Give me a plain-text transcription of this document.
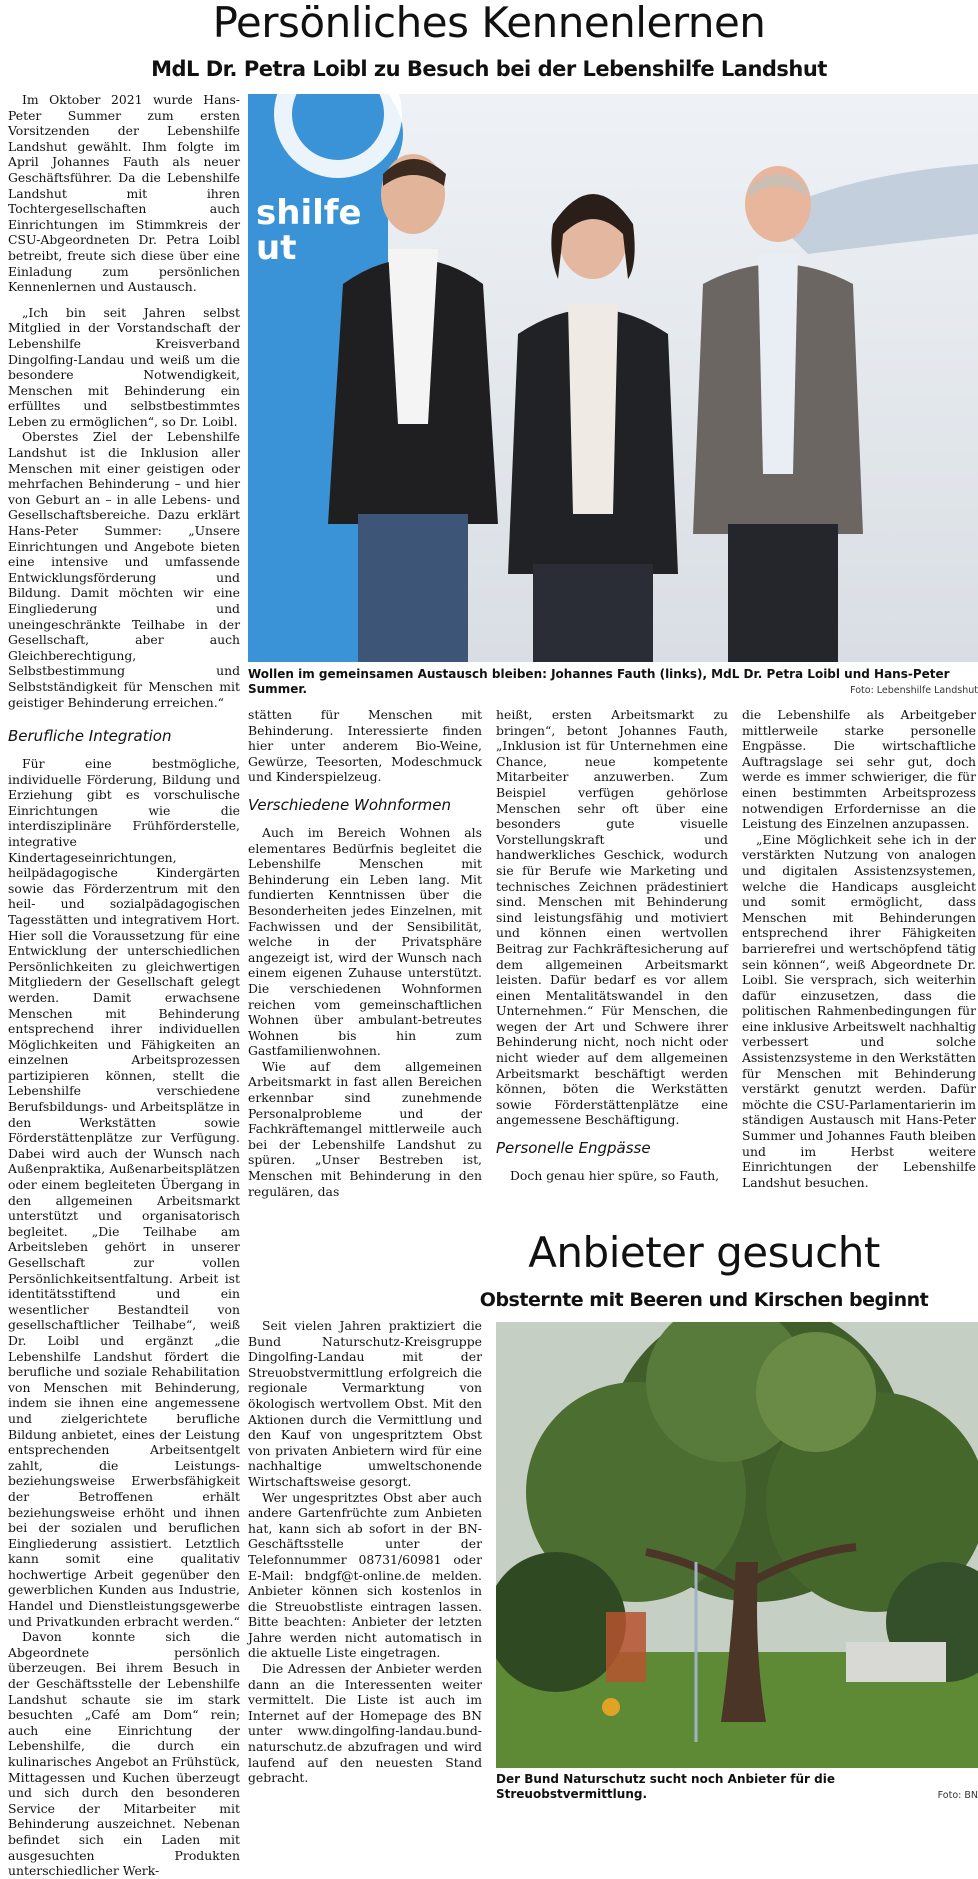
Persönliches Kennenlernen
MdL Dr. Petra Loibl zu Besuch bei der Lebenshilfe Landshut

Im Oktober 2021 wurde Hans-Peter Summer zum ersten Vorsitzenden der Lebenshilfe Landshut gewählt. Ihm folgte im April Johannes Fauth als neuer Geschäftsführer. Da die Lebenshilfe Landshut mit ihren Tochtergesellschaften auch Einrichtungen im Stimmkreis der CSU-Abgeordneten Dr. Petra Loibl betreibt, freute sich diese über eine Einladung zum persönlichen Kennenlernen und Austausch.

„Ich bin seit Jahren selbst Mitglied in der Vorstandschaft der Lebenshilfe Kreisverband Dingolfing-Landau und weiß um die besondere Notwendigkeit, Menschen mit Behinderung ein erfülltes und selbstbestimmtes Leben zu ermöglichen“, so Dr. Loibl.

Oberstes Ziel der Lebenshilfe Landshut ist die Inklusion aller Menschen mit einer geistigen oder mehrfachen Behinderung – und hier von Geburt an – in alle Lebens- und Gesellschaftsbereiche. Dazu erklärt Hans-Peter Summer: „Unsere Einrichtungen und Angebote bieten eine intensive und umfassende Entwicklungsförderung und Bildung. Damit möchten wir eine Eingliederung und uneingeschränkte Teilhabe in der Gesellschaft, aber auch Gleichberechtigung, Selbstbestimmung und Selbstständigkeit für Menschen mit geistiger Behinderung erreichen.“

shilfe
ut
Wollen im gemeinsamen Austausch bleiben: Johannes Fauth (links), MdL Dr. Petra Loibl und Hans-Peter Summer.	Foto: Lebenshilfe Landshut
Berufliche Integration

Für eine bestmögliche, individuelle Förderung, Bildung und Erziehung gibt es vorschulische Einrichtungen wie die interdisziplinäre Frühförderstelle, integrative Kindertageseinrichtungen, heilpädagogische Kindergärten sowie das Förderzentrum mit den heil- und sozialpädagogischen Tagesstätten und integrativem Hort. Hier soll die Voraussetzung für eine Entwicklung der unterschiedlichen Persönlichkeiten zu gleichwertigen Mitgliedern der Gesellschaft gelegt werden. Damit erwachsene Menschen mit Behinderung entsprechend ihrer individuellen Möglichkeiten und Fähigkeiten an einzelnen Arbeitsprozessen partizipieren können, stellt die Lebenshilfe verschiedene Berufsbildungs- und Arbeitsplätze in den Werkstätten sowie Förderstättenplätze zur Verfügung. Dabei wird auch der Wunsch nach Außenpraktika, Außenarbeitsplätzen oder einem begleiteten Übergang in den allgemeinen Arbeitsmarkt unterstützt und organisatorisch begleitet. „Die Teilhabe am Arbeitsleben gehört in unserer Gesellschaft zur vollen Persönlichkeitsentfaltung. Arbeit ist identitätsstiftend und ein wesentlicher Bestandteil von gesellschaftlicher Teilhabe“, weiß Dr. Loibl und ergänzt „die Lebenshilfe Landshut fördert die berufliche und soziale Rehabilitation von Menschen mit Behinderung, indem sie ihnen eine angemessene und zielgerichtete berufliche Bildung anbietet, eines der Leistung entsprechenden Arbeitsentgelt zahlt, die Leistungs- beziehungsweise Erwerbsfähigkeit der Betroffenen erhält beziehungsweise erhöht und ihnen bei der sozialen und beruflichen Eingliederung assistiert. Letztlich kann somit eine qualitativ hochwertige Arbeit gegenüber den gewerblichen Kunden aus Industrie, Handel und Dienstleistungsgewerbe und Privatkunden erbracht werden.“

Davon konnte sich die Abgeordnete persönlich überzeugen. Bei ihrem Besuch in der Geschäftsstelle der Lebenshilfe Landshut schaute sie im stark besuchten „Café am Dom“ rein; auch eine Einrichtung der Lebenshilfe, die durch ein kulinarisches Angebot an Frühstück, Mittagessen und Kuchen überzeugt und sich durch den besonderen Service der Mitarbeiter mit Behinderung auszeichnet. Nebenan befindet sich ein Laden mit ausgesuchten Produkten unterschiedlicher Werk-

stätten für Menschen mit Behinderung. Interessierte finden hier unter anderem Bio-Weine, Gewürze, Teesorten, Modeschmuck und Kinderspielzeug.

Verschiedene Wohnformen

Auch im Bereich Wohnen als elementares Bedürfnis begleitet die Lebenshilfe Menschen mit Behinderung ein Leben lang. Mit fundierten Kenntnissen über die Besonderheiten jedes Einzelnen, mit Fachwissen und der Sensibilität, welche in der Privatsphäre angezeigt ist, wird der Wunsch nach einem eigenen Zuhause unterstützt. Die verschiedenen Wohnformen reichen vom gemeinschaftlichen Wohnen über ambulant-betreutes Wohnen bis hin zum Gastfamilienwohnen.

Wie auf dem allgemeinen Arbeitsmarkt in fast allen Bereichen erkennbar sind zunehmende Personalprobleme und der Fachkräftemangel mittlerweile auch bei der Lebenshilfe Landshut zu spüren. „Unser Bestreben ist, Menschen mit Behinderung in den regulären, das

heißt, ersten Arbeitsmarkt zu bringen“, betont Johannes Fauth, „Inklusion ist für Unternehmen eine Chance, neue kompetente Mitarbeiter anzuwerben. Zum Beispiel verfügen gehörlose Menschen sehr oft über eine besonders gute visuelle Vorstellungskraft und handwerkliches Geschick, wodurch sie für Berufe wie Marketing und technisches Zeichnen prädestiniert sind. Menschen mit Behinderung sind leistungsfähig und motiviert und können einen wertvollen Beitrag zur Fachkräftesicherung auf dem allgemeinen Arbeitsmarkt leisten. Dafür bedarf es vor allem einen Mentalitätswandel in den Unternehmen.“ Für Menschen, die wegen der Art und Schwere ihrer Behinderung nicht, noch nicht oder nicht wieder auf dem allgemeinen Arbeitsmarkt beschäftigt werden können, böten die Werkstätten sowie Förderstättenplätze eine angemessene Beschäftigung.

Personelle Engpässe

Doch genau hier spüre, so Fauth,

die Lebenshilfe als Arbeitgeber mittlerweile starke personelle Engpässe. Die wirtschaftliche Auftragslage sei sehr gut, doch werde es immer schwieriger, die für einen bestimmten Arbeitsprozess notwendigen Erfordernisse an die Leistung des Einzelnen anzupassen.

„Eine Möglichkeit sehe ich in der verstärkten Nutzung von analogen und digitalen Assistenzsystemen, welche die Handicaps ausgleicht und somit ermöglicht, dass Menschen mit Behinderungen entsprechend ihrer Fähigkeiten barrierefrei und wertschöpfend tätig sein können“, weiß Abgeordnete Dr. Loibl. Sie versprach, sich weiterhin dafür einzusetzen, dass die politischen Rahmenbedingungen für eine inklusive Arbeitswelt nachhaltig verbessert und solche Assistenzsysteme in den Werkstätten für Menschen mit Behinderung verstärkt genutzt werden. Dafür möchte die CSU-Parlamentarierin im ständigen Austausch mit Hans-Peter Summer und Johannes Fauth bleiben und im Herbst weitere Einrichtungen der Lebenshilfe Landshut besuchen.

Anbieter gesucht
Obsternte mit Beeren und Kirschen beginnt

Seit vielen Jahren praktiziert die Bund Naturschutz-Kreisgruppe Dingolfing-Landau mit der Streuobstvermittlung erfolgreich die regionale Vermarktung von ökologisch wertvollem Obst. Mit den Aktionen durch die Vermittlung und den Kauf von ungespritztem Obst von privaten Anbietern wird für eine nachhaltige umweltschonende Wirtschaftsweise gesorgt.

Wer ungespritztes Obst aber auch andere Gartenfrüchte zum Anbieten hat, kann sich ab sofort in der BN-Geschäftsstelle unter der Telefonnummer 08731/60981 oder E-Mail: bndgf@t-online.de melden. Anbieter können sich kostenlos in die Streuobstliste eintragen lassen. Bitte beachten: Anbieter der letzten Jahre werden nicht automatisch in die aktuelle Liste eingetragen.

Die Adressen der Anbieter werden dann an die Interessenten weiter vermittelt. Die Liste ist auch im Internet auf der Homepage des BN unter www.dingolfing-landau.bund-naturschutz.de abzufragen und wird laufend auf den neuesten Stand gebracht.	Der Bund Naturschutz sucht noch Anbieter für die Streuobstvermittlung.	Foto: BN
